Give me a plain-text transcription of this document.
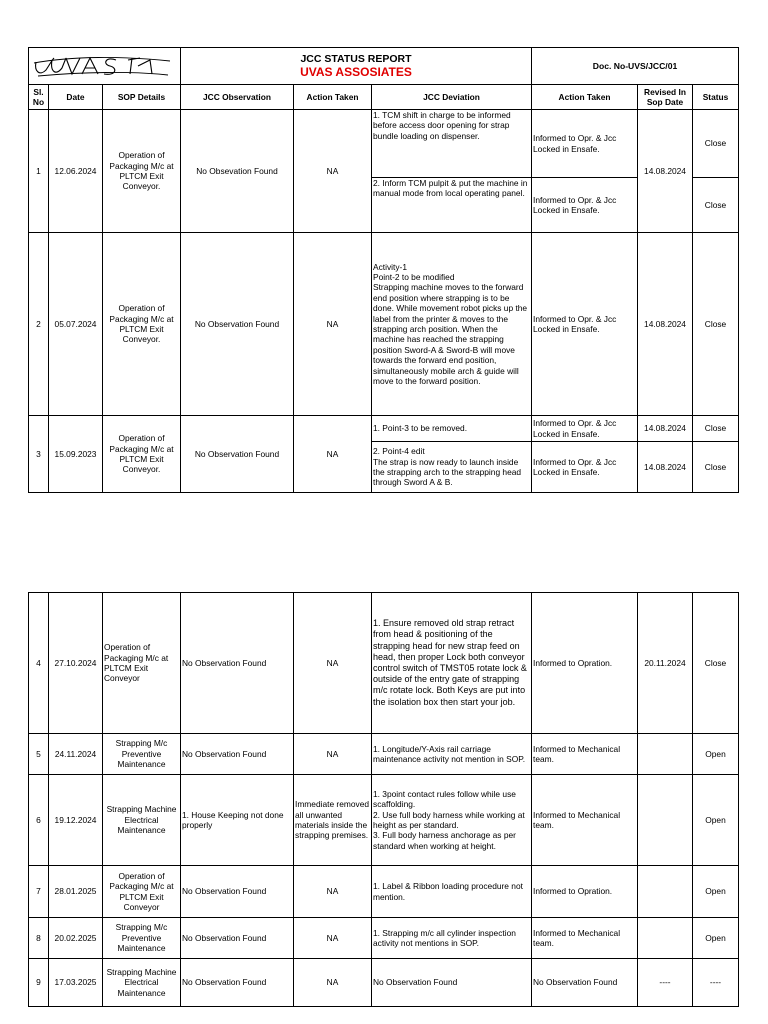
JCC STATUS REPORT
UVAS ASSOSIATES			Doc. No-UVS/JCC/01		
Sl. No	Date	SOP Details	JCC Observation	Action Taken	JCC Deviation	Action Taken	Revised In Sop Date	Status
1	12.06.2024	Operation of Packaging M/c at PLTCM Exit Conveyor.	No Obsevation Found	NA	1. TCM shift in charge to be informed before access door opening for strap bundle loading on dispenser.	Informed to Opr. & Jcc Locked in Ensafe.	14.08.2024	Close
					2. Inform TCM pulpit & put the machine in manual mode from local operating panel.	Informed to Opr. & Jcc Locked in Ensafe.		Close
2	05.07.2024	Operation of Packaging M/c at PLTCM Exit Conveyor.	No Observation Found	NA	Activity-1
Point-2 to be modified
Strapping machine moves to the forward end position where strapping is to be done. While movement robot picks up the label from the printer & moves to the strapping arch position. When the machine has reached the strapping position Sword-A & Sword-B will move towards the forward end position, simultaneously mobile arch & guide will move to the forward position.	Informed to Opr. & Jcc Locked in Ensafe.	14.08.2024	Close
3	15.09.2023	Operation of Packaging M/c at PLTCM Exit Conveyor.	No Observation Found	NA	1. Point-3 to be removed.	Informed to Opr. & Jcc Locked in Ensafe.	14.08.2024	Close

					2. Point-4 edit
The strap is now ready to launch inside the strapping arch to the strapping head through Sword A & B.	Informed to Opr. & Jcc Locked in Ensafe.	14.08.2024	Close
4	27.10.2024	Operation of Packaging M/c at PLTCM Exit Conveyor	No Observation Found	NA	1. Ensure removed old strap retract from head & positioning of the strapping head for new strap feed on head, then proper Lock both conveyor control switch of TMST05 rotate lock & outside of the entry gate of strapping m/c rotate lock. Both Keys are put into the isolation box then start your job.	Informed to Opration.	20.11.2024	Close
5	24.11.2024	Strapping M/c Preventive Maintenance	No Observation Found	NA	1. Longitude/Y-Axis rail carriage maintenance activity not mention in SOP.	Informed to Mechanical team.		Open
6	19.12.2024	Strapping Machine Electrical Maintenance	1. House Keeping not done properly	Immediate removed all unwanted materials inside the strapping premises.	1. 3point contact rules follow while use scaffolding.
2. Use full body harness while working at height as per standard.
3. Full body harness anchorage as per standard when working at height.	Informed to Mechanical team.		Open
7	28.01.2025	Operation of Packaging M/c at PLTCM Exit Conveyor	No Observation Found	NA	1. Label & Ribbon loading procedure not mention.	Informed to Opration.		Open
8	20.02.2025	Strapping M/c Preventive Maintenance	No Observation Found	NA	1. Strapping m/c all cylinder inspection activity not mentions in SOP.	Informed to Mechanical team.		Open
9	17.03.2025	Strapping Machine Electrical Maintenance	No Observation Found	NA	No Observation Found	No Observation Found	----	----
